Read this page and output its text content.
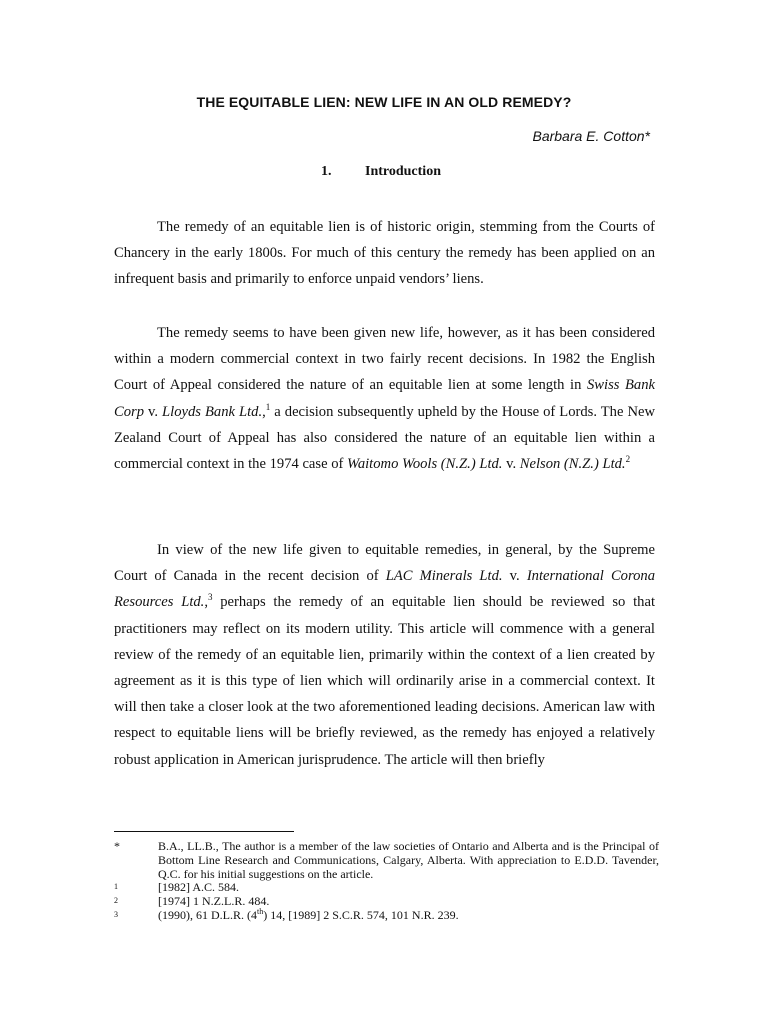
THE EQUITABLE LIEN: NEW LIFE IN AN OLD REMEDY?
Barbara E. Cotton*
1. Introduction

The remedy of an equitable lien is of historic origin, stemming from the Courts of Chancery in the early 1800s. For much of this century the remedy has been applied on an infrequent basis and primarily to enforce unpaid vendors’ liens.

The remedy seems to have been given new life, however, as it has been considered within a modern commercial context in two fairly recent decisions. In 1982 the English Court of Appeal considered the nature of an equitable lien at some length in Swiss Bank Corp v. Lloyds Bank Ltd.,$^1$ a decision subsequently upheld by the House of Lords. The New Zealand Court of Appeal has also considered the nature of an equitable lien within a commercial context in the 1974 case of Waitomo Wools (N.Z.) Ltd. v. Nelson (N.Z.) Ltd.$^2$

In view of the new life given to equitable remedies, in general, by the Supreme Court of Canada in the recent decision of LAC Minerals Ltd. v. International Corona Resources Ltd.,$^3$ perhaps the remedy of an equitable lien should be reviewed so that practitioners may reflect on its modern utility. This article will commence with a general review of the remedy of an equitable lien, primarily within the context of a lien created by agreement as it is this type of lien which will ordinarily arise in a commercial context. It will then take a closer look at the two aforementioned leading decisions. American law with respect to equitable liens will be briefly reviewed, as the remedy has enjoyed a relatively robust application in American jurisprudence. The article will then briefly

*	B.A., LL.B., The author is a member of the law societies of Ontario and Alberta and is the Principal of Bottom Line Research and Communications, Calgary, Alberta. With appreciation to E.D.D. Tavender, Q.C. for his initial suggestions on the article.
1	[1982] A.C. 584.
2	[1974] 1 N.Z.L.R. 484.
3	(1990), 61 D.L.R. (4th) 14, [1989] 2 S.C.R. 574, 101 N.R. 239.
